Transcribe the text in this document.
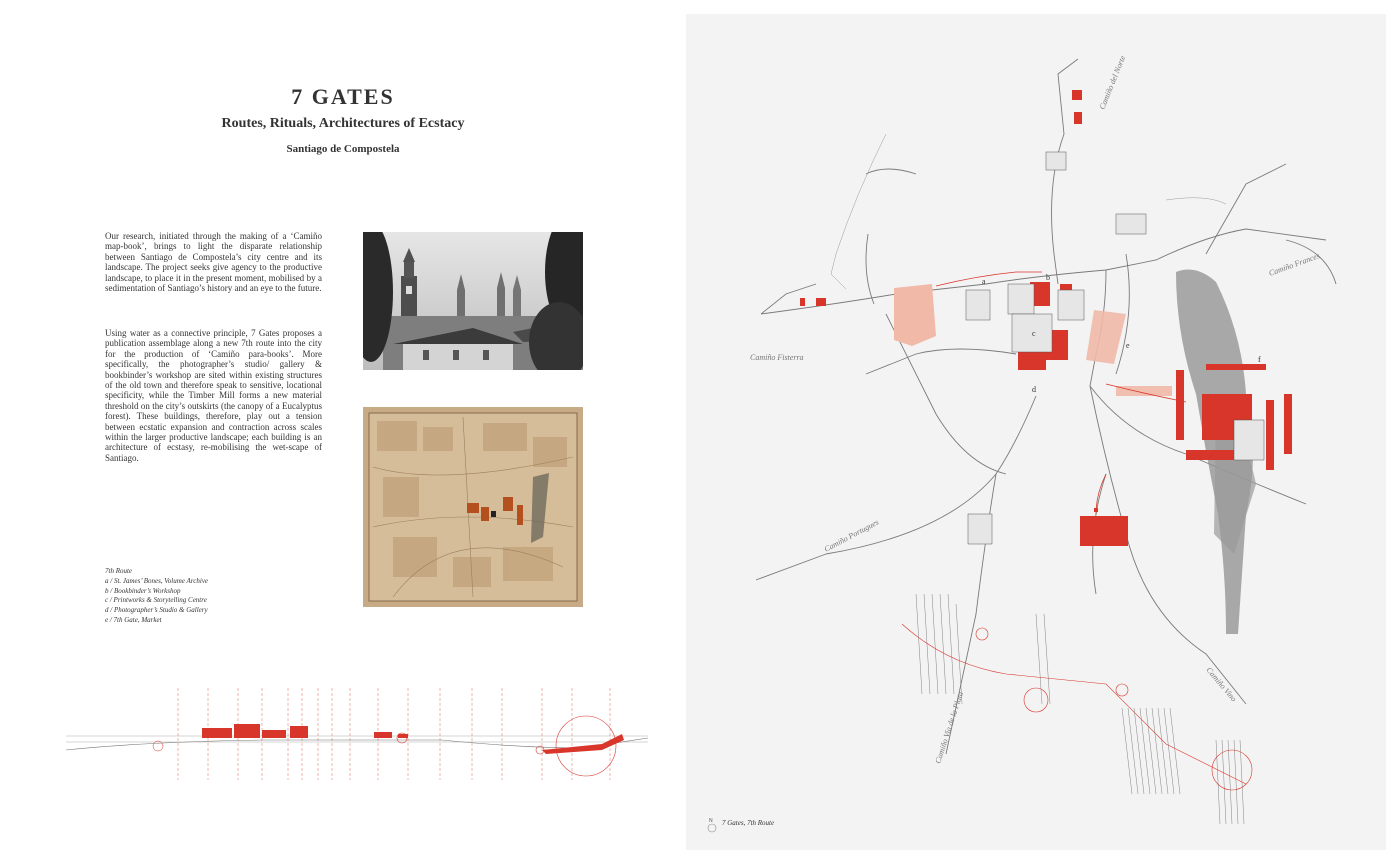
7 GATES
Routes, Rituals, Architectures of Ecstacy
Santiago de Compostela
Our research, initiated through the making of a ‘Camiño map-book’, brings to light the disparate relationship between Santiago de Compostela’s city centre and its landscape. The project seeks give agency to the productive landscape, to place it in the present moment, mobilised by a sedimentation of Santiago’s history and an eye to the future.
Using water as a connective principle, 7 Gates proposes a publication assemblage along a new 7th route into the city for the production of ‘Camiño para-books’. More specifically, the photographer’s studio/ gallery & bookbinder’s workshop are sited within existing structures of the old town and therefore speak to sensitive, locational specificity, while the Timber Mill forms a new material threshold on the city’s outskirts (the canopy of a Eucalyptus forest). These buildings, therefore, play out a tension between ecstatic expansion and contraction across scales within the larger productive landscape; each building is an architecture of ecstasy, re-mobilising the wet-scape of Santiago.
7th Route
a / St. James’ Bones, Volume Archive
b / Bookbinder’s Workshop
c / Printworks & Storytelling Centre
d / Photographer’s Studio & Gallery
e / 7th Gate, Market
Camiño del Norte
Camiño Frances
Camiño Fisterra
Camiño Portugues
Camiño Via de la Plata
Camiño Vino
a	b
c
d
e
f
N 7 Gates, 7th Route
